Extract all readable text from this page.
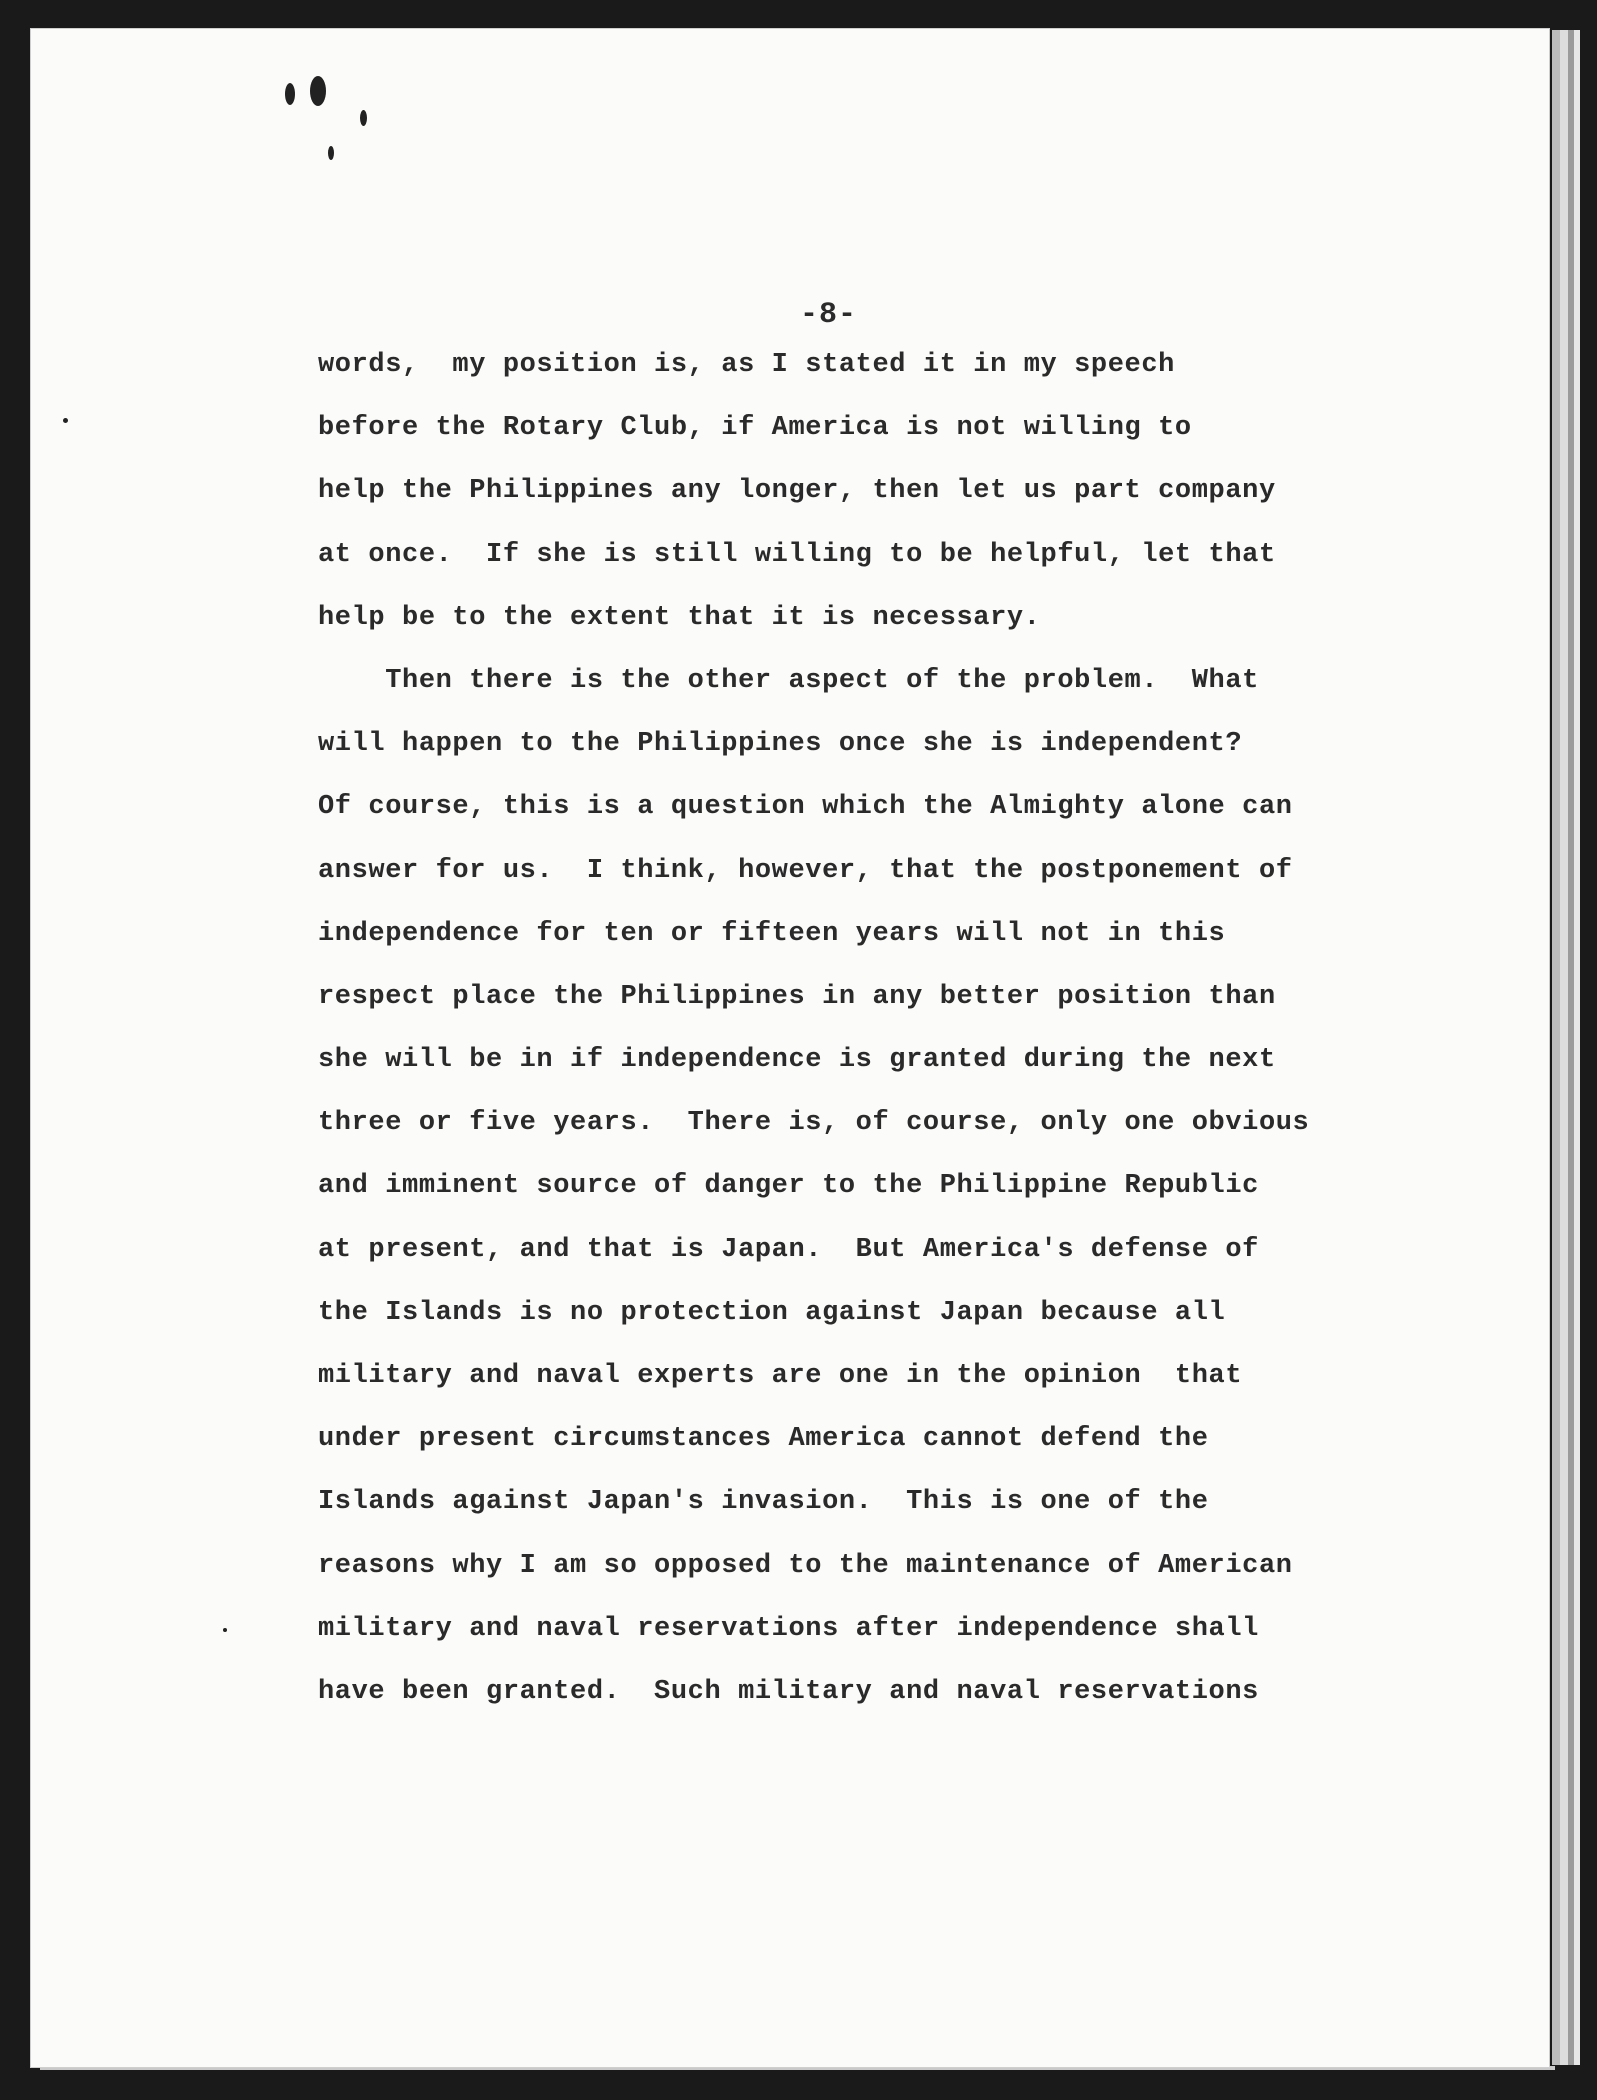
-8-
words,  my position is, as I stated it in my speech
before the Rotary Club, if America is not willing to
help the Philippines any longer, then let us part company
at once.  If she is still willing to be helpful, let that
help be to the extent that it is necessary.
Then there is the other aspect of the problem.  What
will happen to the Philippines once she is independent?
Of course, this is a question which the Almighty alone can
answer for us.  I think, however, that the postponement of
independence for ten or fifteen years will not in this
respect place the Philippines in any better position than
she will be in if independence is granted during the next
three or five years.  There is, of course, only one obvious
and imminent source of danger to the Philippine Republic
at present, and that is Japan.  But America's defense of
the Islands is no protection against Japan because all
military and naval experts are one in the opinion  that
under present circumstances America cannot defend the
Islands against Japan's invasion.  This is one of the
reasons why I am so opposed to the maintenance of American
military and naval reservations after independence shall
have been granted.  Such military and naval reservations
